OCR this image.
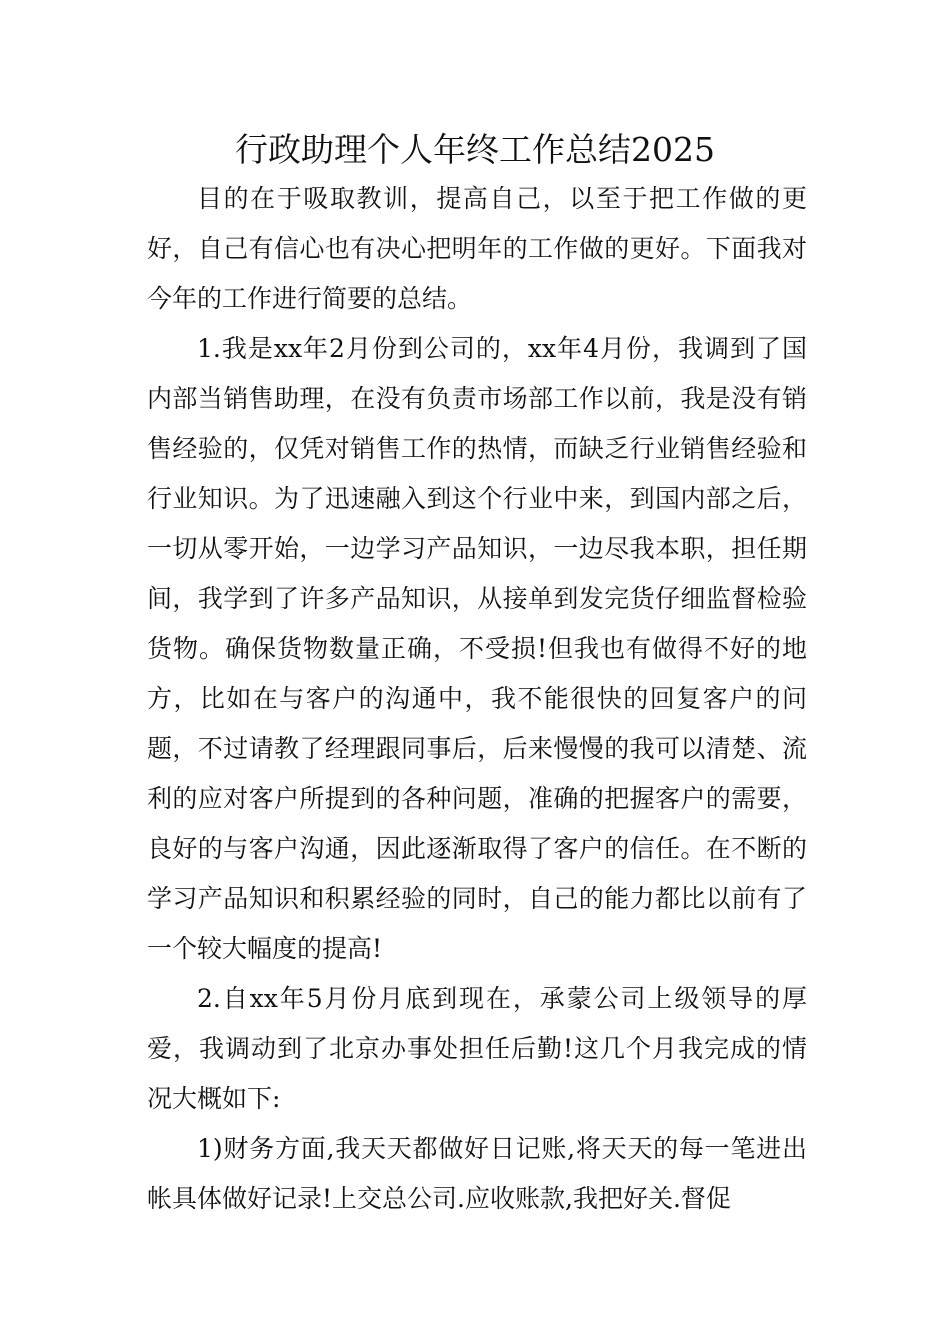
行政助理个人年终工作总结2025

目的在于吸取教训，提高自己，以至于把工作做的更好，自己有信心也有决心把明年的工作做的更好。下面我对今年的工作进行简要的总结。

1.我是xx年2月份到公司的，xx年4月份，我调到了国内部当销售助理，在没有负责市场部工作以前，我是没有销售经验的，仅凭对销售工作的热情，而缺乏行业销售经验和行业知识。为了迅速融入到这个行业中来，到国内部之后，一切从零开始，一边学习产品知识，一边尽我本职，担任期间，我学到了许多产品知识，从接单到发完货仔细监督检验货物。确保货物数量正确，不受损!但我也有做得不好的地方，比如在与客户的沟通中，我不能很快的回复客户的问题，不过请教了经理跟同事后，后来慢慢的我可以清楚、流利的应对客户所提到的各种问题，准确的把握客户的需要，良好的与客户沟通，因此逐渐取得了客户的信任。在不断的学习产品知识和积累经验的同时，自己的能力都比以前有了一个较大幅度的提高!

2.自xx年5月份月底到现在，承蒙公司上级领导的厚爱，我调动到了北京办事处担任后勤!这几个月我完成的情况大概如下:

1)财务方面,我天天都做好日记账,将天天的每一笔进出帐具体做好记录!上交总公司.应收账款,我把好关.督促
